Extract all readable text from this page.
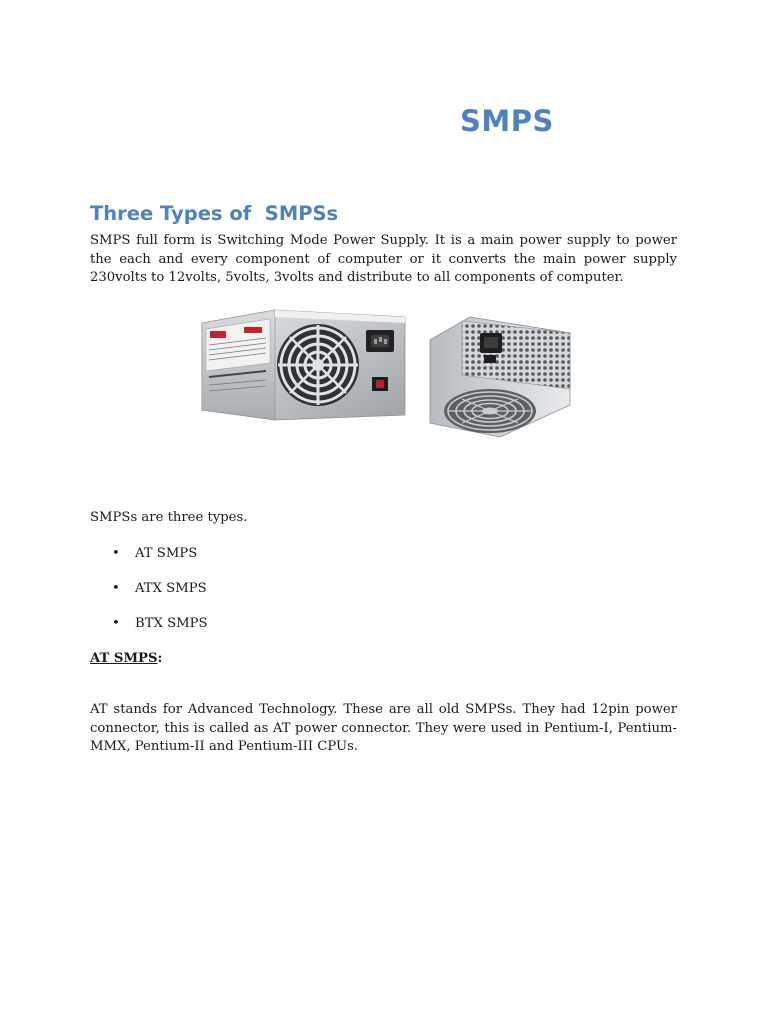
SMPS
Three Types of  SMPSs

SMPS full form is Switching Mode Power Supply. It is a main power supply to power the each and every component of computer or it converts the main power supply 230volts to 12volts, 5volts, 3volts and distribute to all components of computer.

SMPSs are three types.

• AT SMPS
• ATX SMPS
• BTX SMPS

AT SMPS:

AT stands for Advanced Technology. These are all old SMPSs. They had 12pin power connector, this is called as AT power connector. They were used in Pentium-I, Pentium-MMX, Pentium-II and Pentium-III CPUs.
